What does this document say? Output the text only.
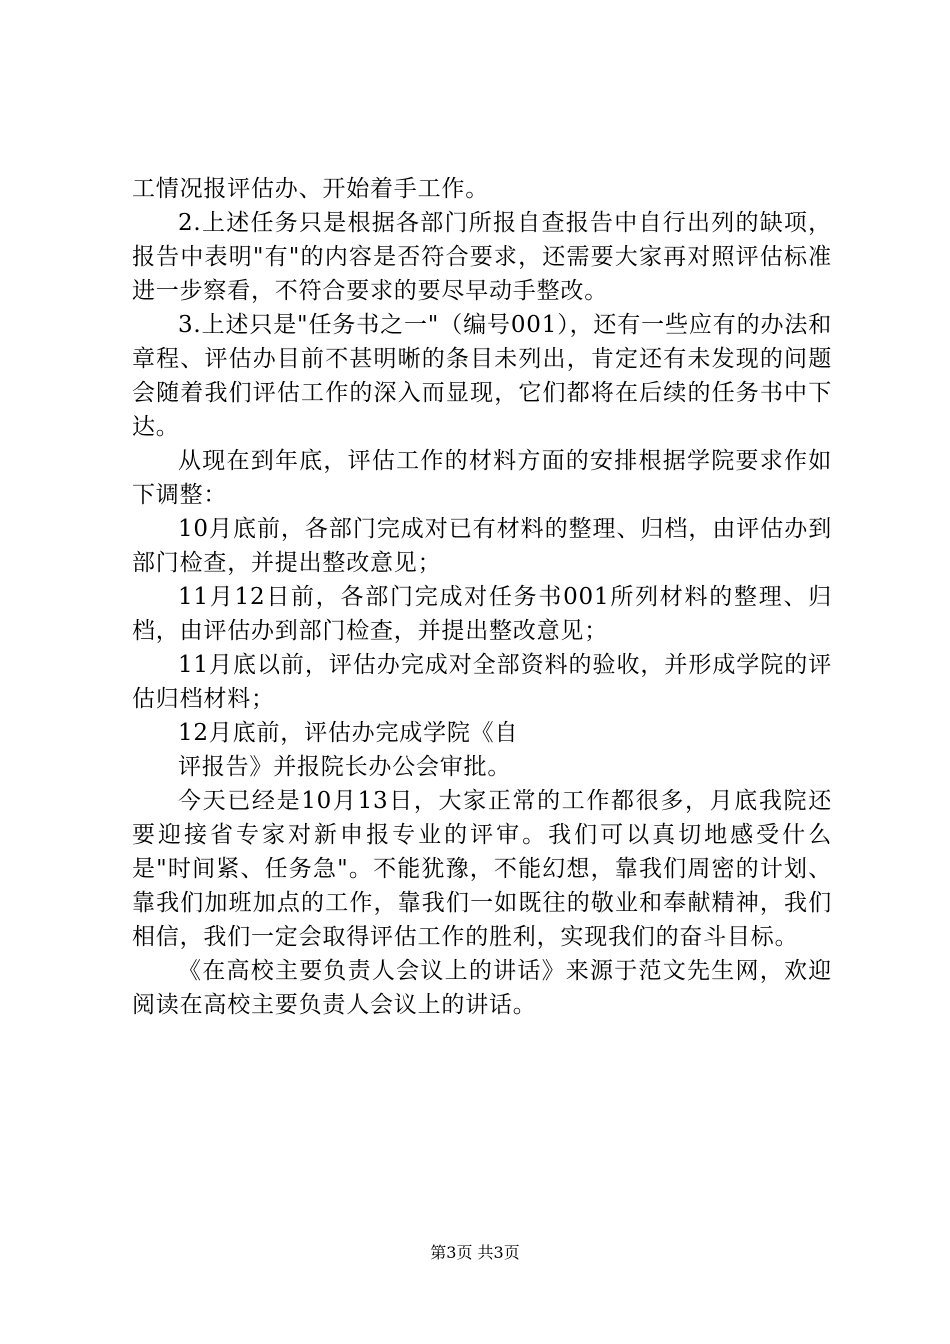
工情况报评估办、开始着手工作。

2.上述任务只是根据各部门所报自查报告中自行出列的缺项，报告中表明"有"的内容是否符合要求，还需要大家再对照评估标准进一步察看，不符合要求的要尽早动手整改。

3.上述只是"任务书之一"（编号001），还有一些应有的办法和章程、评估办目前不甚明晰的条目未列出，肯定还有未发现的问题会随着我们评估工作的深入而显现，它们都将在后续的任务书中下达。

从现在到年底，评估工作的材料方面的安排根据学院要求作如下调整：

10月底前，各部门完成对已有材料的整理、归档，由评估办到部门检查，并提出整改意见；

11月12日前，各部门完成对任务书001所列材料的整理、归档，由评估办到部门检查，并提出整改意见；

11月底以前，评估办完成对全部资料的验收，并形成学院的评估归档材料；

12月底前，评估办完成学院《自

评报告》并报院长办公会审批。

今天已经是10月13日，大家正常的工作都很多，月底我院还要迎接省专家对新申报专业的评审。我们可以真切地感受什么是"时间紧、任务急"。不能犹豫，不能幻想，靠我们周密的计划、靠我们加班加点的工作，靠我们一如既往的敬业和奉献精神，我们相信，我们一定会取得评估工作的胜利，实现我们的奋斗目标。

《在高校主要负责人会议上的讲话》来源于范文先生网，欢迎阅读在高校主要负责人会议上的讲话。

第3页 共3页
